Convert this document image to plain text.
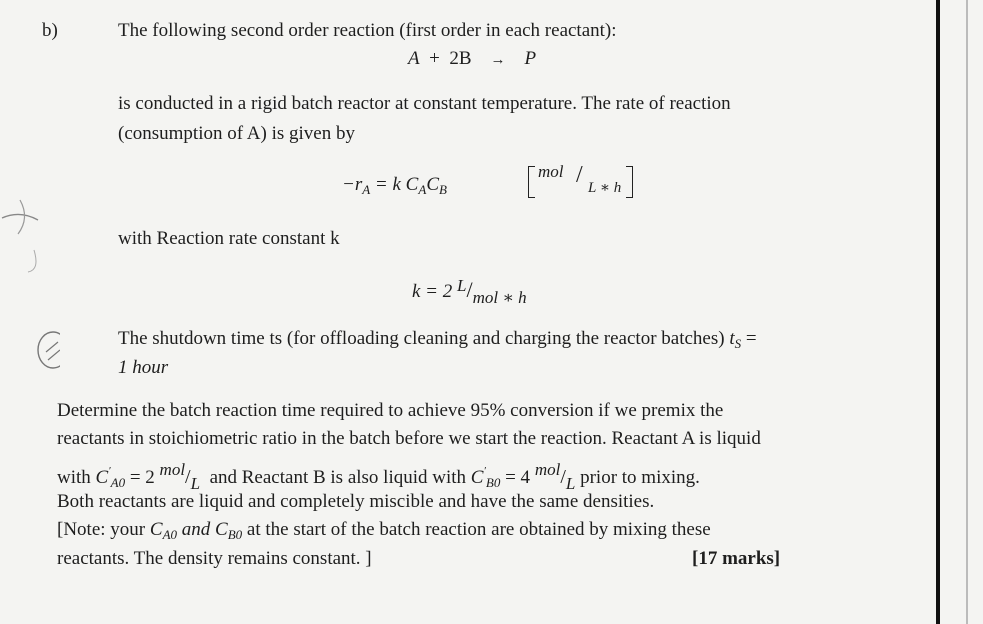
b)	The following second order reaction (first order in each reactant):
A + 2B → P
is conducted in a rigid batch reactor at constant temperature. The rate of reaction
(consumption of A) is given by
$-r_A = k$ $C_AC_B$
mol / L ∗ h
with Reaction rate constant k
k = 2 L/mol ∗ h
The shutdown time ts (for offloading cleaning and charging the reactor batches) $t_S$ =
1 hour
Determine the batch reaction time required to achieve 95% conversion if we premix the
reactants in stoichiometric ratio in the batch before we start the reaction. Reactant A is liquid
with $C'_{A0} = 2$ mol/L and Reactant B is also liquid with $C'_{B0} = 4$ mol/L prior to mixing.
Both reactants are liquid and completely miscible and have the same densities.
[Note: your $C_{A0}$ and $C_{B0}$ at the start of the batch reaction are obtained by mixing these
reactants. The density remains constant. ]	[17 marks]
